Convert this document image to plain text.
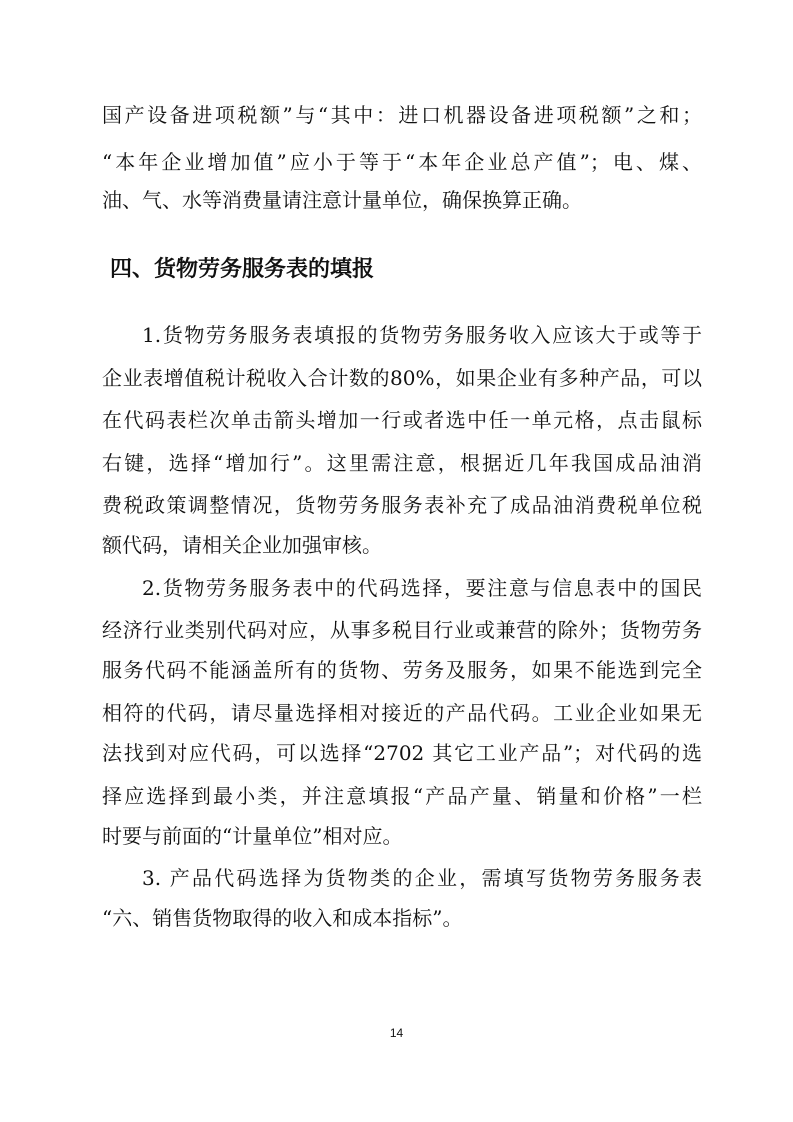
国产设备进项税额”与“其中：进口机器设备进项税额”之和；
“本年企业增加值”应小于等于“本年企业总产值”；电、煤、
油、气、水等消费量请注意计量单位，确保换算正确。
四、货物劳务服务表的填报
1.货物劳务服务表填报的货物劳务服务收入应该大于或等于
企业表增值税计税收入合计数的80%，如果企业有多种产品，可以
在代码表栏次单击箭头增加一行或者选中任一单元格，点击鼠标
右键，选择“增加行”。这里需注意，根据近几年我国成品油消
费税政策调整情况，货物劳务服务表补充了成品油消费税单位税
额代码，请相关企业加强审核。
2.货物劳务服务表中的代码选择，要注意与信息表中的国民
经济行业类别代码对应，从事多税目行业或兼营的除外；货物劳务
服务代码不能涵盖所有的货物、劳务及服务，如果不能选到完全
相符的代码，请尽量选择相对接近的产品代码。工业企业如果无
法找到对应代码，可以选择“2702 其它工业产品”；对代码的选
择应选择到最小类，并注意填报“产品产量、销量和价格”一栏
时要与前面的“计量单位”相对应。
3. 产品代码选择为货物类的企业，需填写货物劳务服务表
“六、销售货物取得的收入和成本指标”。
14
